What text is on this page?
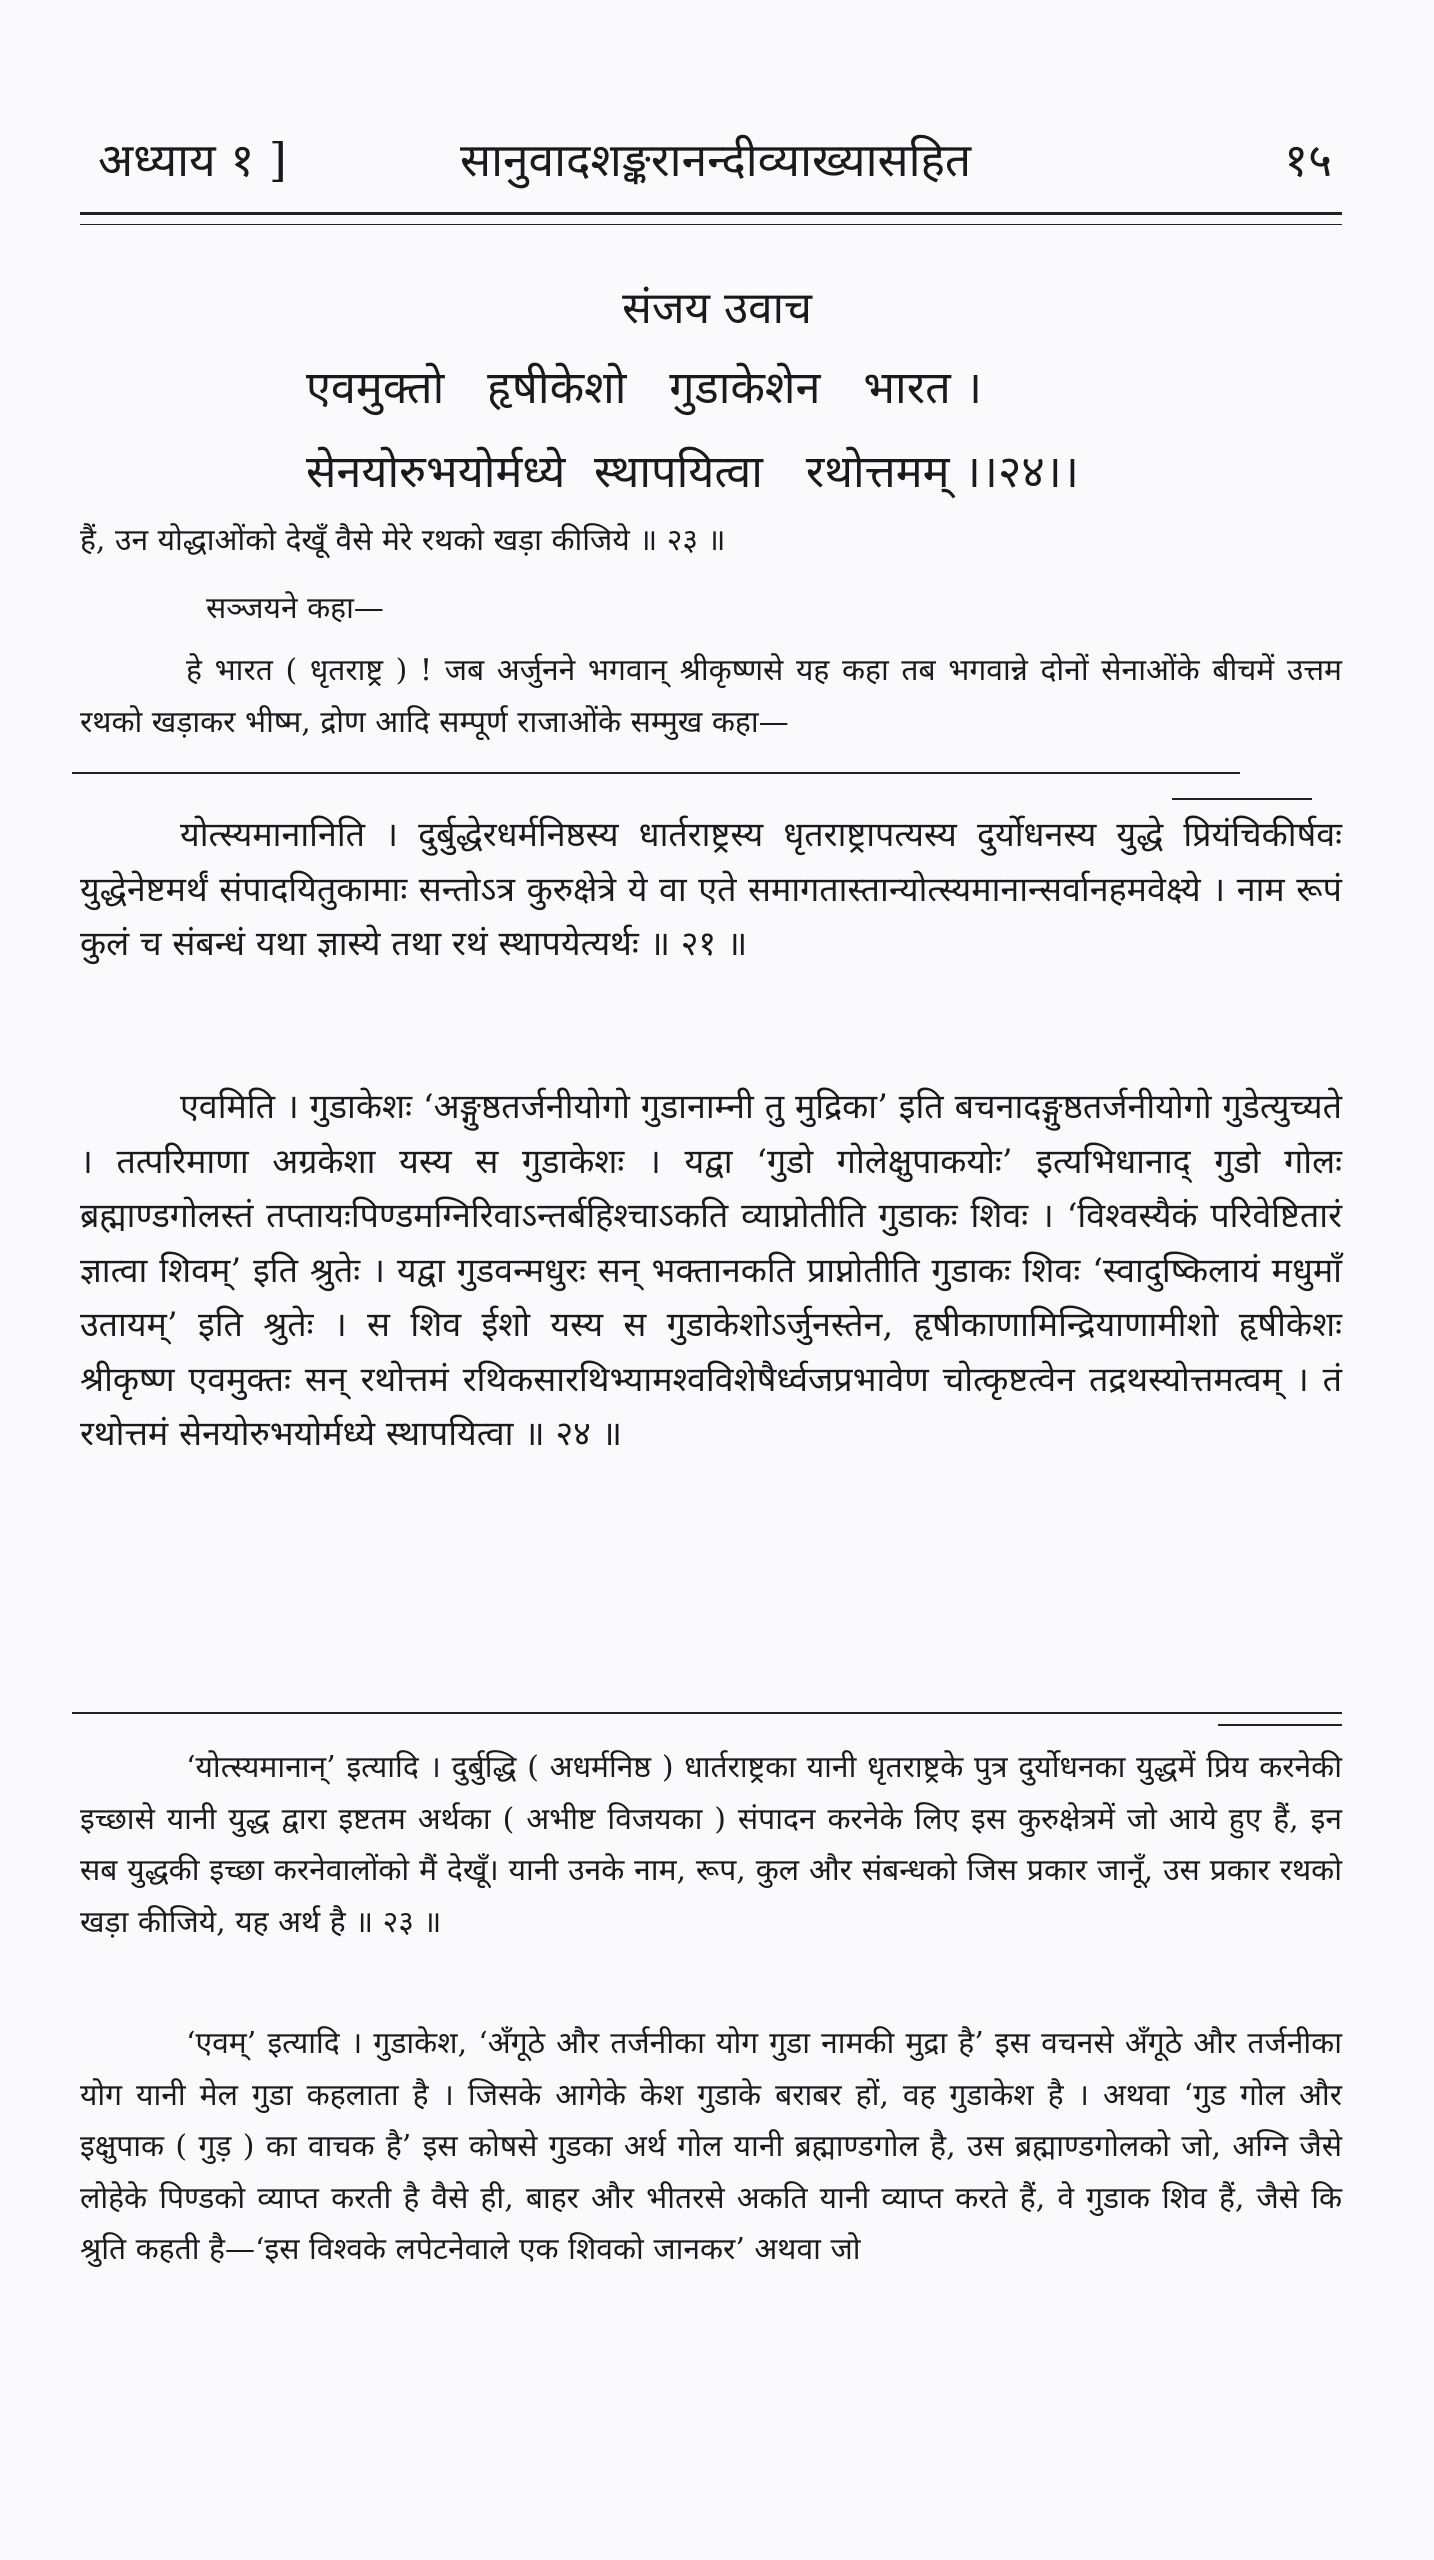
अध्याय १ ]	सानुवादशङ्करानन्दीव्याख्यासहित	१५
संजय उवाच
एवमुक्तो   हृषीकेशो   गुडाकेशेन   भारत ।
सेनयोरुभयोर्मध्ये  स्थापयित्वा   रथोत्तमम् ।।२४।।
हैं, उन योद्धाओंको देखूँ वैसे मेरे रथको खड़ा कीजिये ॥ २३ ॥
सञ्जयने कहा—
हे भारत ( धृतराष्ट्र ) ! जब अर्जुनने भगवान् श्रीकृष्णसे यह कहा तब भगवान्ने दोनों सेनाओंके बीचमें उत्तम रथको खड़ाकर भीष्म, द्रोण आदि सम्पूर्ण राजाओंके सम्मुख कहा—
योत्स्यमानानिति । दुर्बुद्धेरधर्मनिष्ठस्य धार्तराष्ट्रस्य धृतराष्ट्रापत्यस्य दुर्योधनस्य युद्धे प्रियंचिकीर्षवः युद्धेनेष्टमर्थं संपादयितुकामाः सन्तोऽत्र कुरुक्षेत्रे ये वा एते समागतास्तान्योत्स्यमानान्सर्वानहमवेक्ष्ये । नाम रूपं कुलं च संबन्धं यथा ज्ञास्ये तथा रथं स्थापयेत्यर्थः ॥ २१ ॥
एवमिति । गुडाकेशः ‘अङ्गुष्ठतर्जनीयोगो गुडानाम्नी तु मुद्रिका’ इति बचनादङ्गुष्ठतर्जनीयोगो गुडेत्युच्यते । तत्परिमाणा अग्रकेशा यस्य स गुडाकेशः । यद्वा ‘गुडो गोलेक्षुपाकयोः’ इत्यभिधानाद् गुडो गोलः ब्रह्माण्डगोलस्तं तप्तायःपिण्डमग्निरिवाऽन्तर्बहिश्चाऽकति व्याप्नोतीति गुडाकः शिवः । ‘विश्वस्यैकं परिवेष्टितारं ज्ञात्वा शिवम्’ इति श्रुतेः । यद्वा गुडवन्मधुरः सन् भक्तानकति प्राप्नोतीति गुडाकः शिवः ‘स्वादुष्किलायं मधुमाँ उतायम्’ इति श्रुतेः । स शिव ईशो यस्य स गुडाकेशोऽर्जुनस्तेन, हृषीकाणामिन्द्रियाणामीशो हृषीकेशः श्रीकृष्ण एवमुक्तः सन् रथोत्तमं रथिकसारथिभ्यामश्वविशेषैर्ध्वजप्रभावेण चोत्कृष्टत्वेन तद्रथस्योत्तमत्वम् । तं रथोत्तमं सेनयोरुभयोर्मध्ये स्थापयित्वा ॥ २४ ॥
‘योत्स्यमानान्’ इत्यादि । दुर्बुद्धि ( अधर्मनिष्ठ ) धार्तराष्ट्रका यानी धृतराष्ट्रके पुत्र दुर्योधनका युद्धमें प्रिय करनेकी इच्छासे यानी युद्ध द्वारा इष्टतम अर्थका ( अभीष्ट विजयका ) संपादन करनेके लिए इस कुरुक्षेत्रमें जो आये हुए हैं, इन सब युद्धकी इच्छा करनेवालोंको मैं देखूँ। यानी उनके नाम, रूप, कुल और संबन्धको जिस प्रकार जानूँ, उस प्रकार रथको खड़ा कीजिये, यह अर्थ है ॥ २३ ॥
‘एवम्’ इत्यादि । गुडाकेश, ‘अँगूठे और तर्जनीका योग गुडा नामकी मुद्रा है’ इस वचनसे अँगूठे और तर्जनीका योग यानी मेल गुडा कहलाता है । जिसके आगेके केश गुडाके बराबर हों, वह गुडाकेश है । अथवा ‘गुड गोल और इक्षुपाक ( गुड़ ) का वाचक है’ इस कोषसे गुडका अर्थ गोल यानी ब्रह्माण्डगोल है, उस ब्रह्माण्डगोलको जो, अग्नि जैसे लोहेके पिण्डको व्याप्त करती है वैसे ही, बाहर और भीतरसे अकति यानी व्याप्त करते हैं, वे गुडाक शिव हैं, जैसे कि श्रुति कहती है—‘इस विश्वके लपेटनेवाले एक शिवको जानकर’ अथवा जो
